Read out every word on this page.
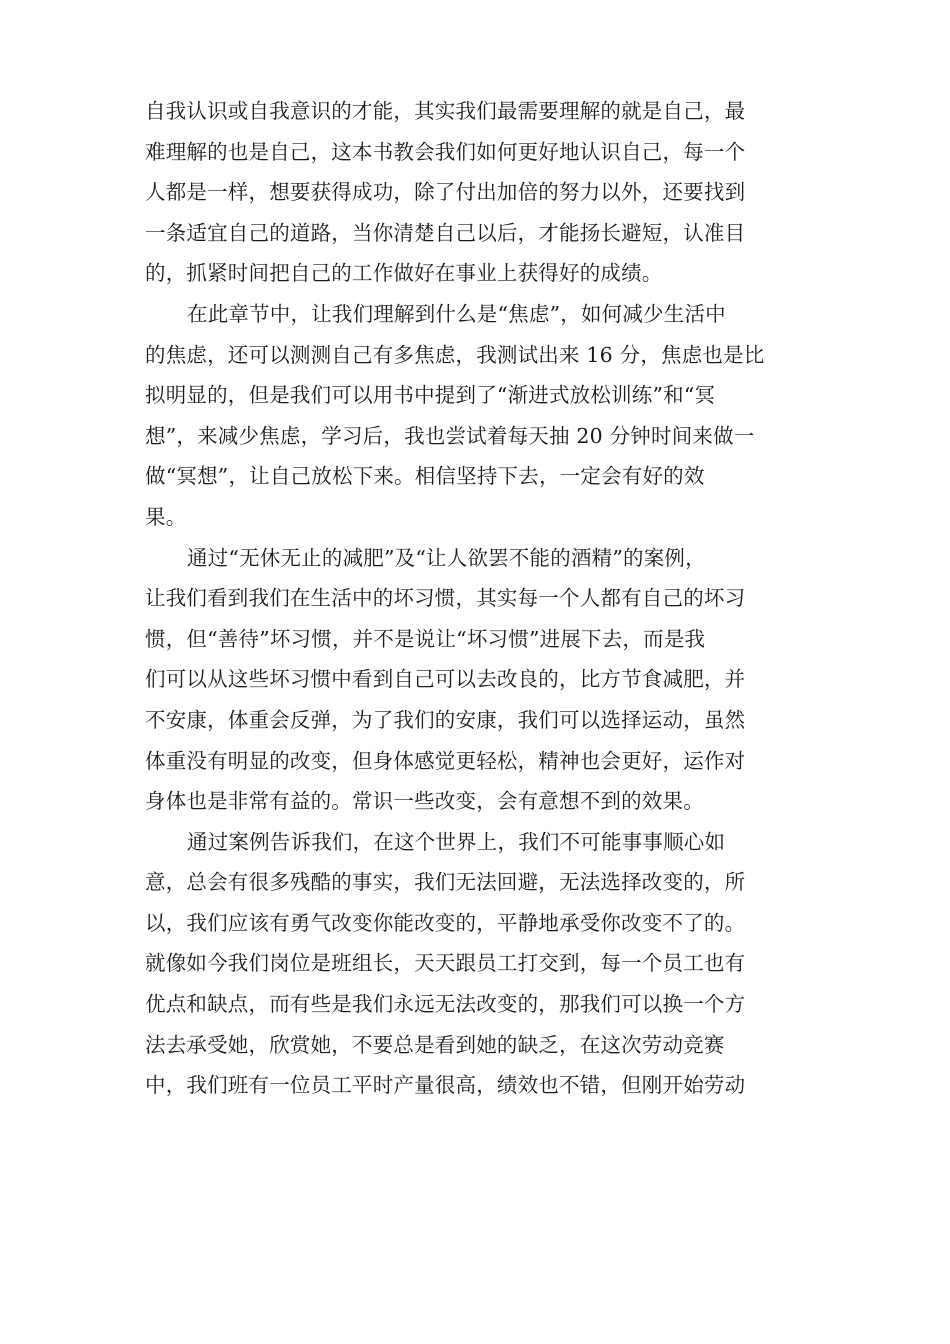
自我认识或自我意识的才能，其实我们最需要理解的就是自己，最
难理解的也是自己，这本书教会我们如何更好地认识自己，每一个
人都是一样，想要获得成功，除了付出加倍的努力以外，还要找到
一条适宜自己的道路，当你清楚自己以后，才能扬长避短，认准目
的，抓紧时间把自己的工作做好在事业上获得好的成绩。
在此章节中，让我们理解到什么是“焦虑”，如何减少生活中
的焦虑，还可以测测自己有多焦虑，我测试出来 16 分，焦虑也是比
拟明显的，但是我们可以用书中提到了“渐进式放松训练”和“冥
想”，来减少焦虑，学习后，我也尝试着每天抽 20 分钟时间来做一
做“冥想”，让自己放松下来。相信坚持下去，一定会有好的效
果。
通过“无休无止的减肥”及“让人欲罢不能的酒精”的案例，
让我们看到我们在生活中的坏习惯，其实每一个人都有自己的坏习
惯，但“善待”坏习惯，并不是说让“坏习惯”进展下去，而是我
们可以从这些坏习惯中看到自己可以去改良的，比方节食减肥，并
不安康，体重会反弹，为了我们的安康，我们可以选择运动，虽然
体重没有明显的改变，但身体感觉更轻松，精神也会更好，运作对
身体也是非常有益的。常识一些改变，会有意想不到的效果。
通过案例告诉我们，在这个世界上，我们不可能事事顺心如
意，总会有很多残酷的事实，我们无法回避，无法选择改变的，所
以，我们应该有勇气改变你能改变的，平静地承受你改变不了的。
就像如今我们岗位是班组长，天天跟员工打交到，每一个员工也有
优点和缺点，而有些是我们永远无法改变的，那我们可以换一个方
法去承受她，欣赏她，不要总是看到她的缺乏，在这次劳动竞赛
中，我们班有一位员工平时产量很高，绩效也不错，但刚开始劳动
